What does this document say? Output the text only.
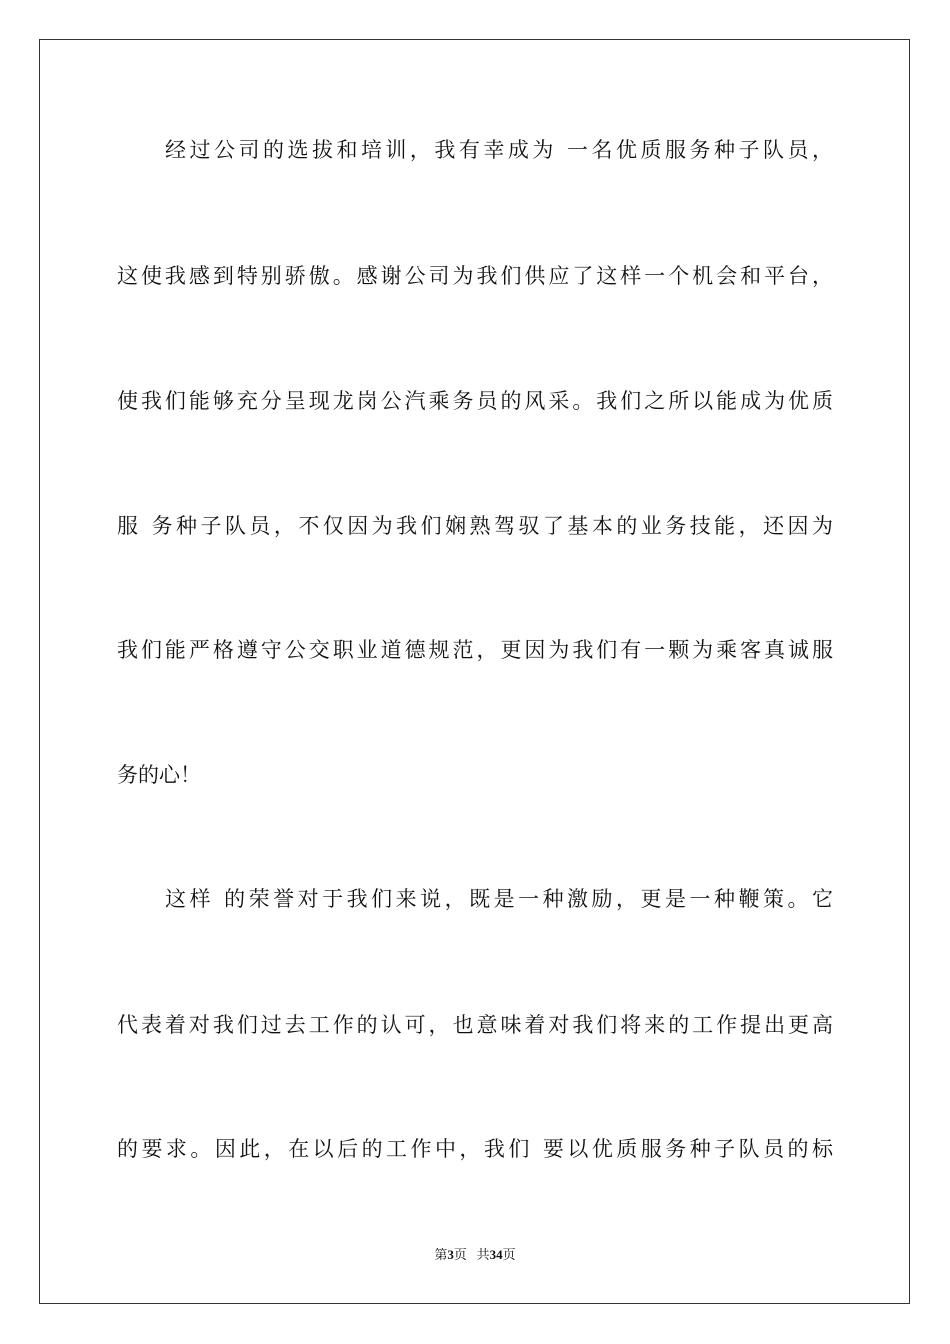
经过公司的选拔和培训，我有幸成为 一名优质服务种子队员，
这使我感到特别骄傲。感谢公司为我们供应了这样一个机会和平台，
使我们能够充分呈现龙岗公汽乘务员的风采。我们之所以能成为优质
服 务种子队员，不仅因为我们娴熟驾驭了基本的业务技能，还因为
我们能严格遵守公交职业道德规范，更因为我们有一颗为乘客真诚服
务的心！
这样 的荣誉对于我们来说，既是一种激励，更是一种鞭策。它
代表着对我们过去工作的认可，也意味着对我们将来的工作提出更高
的要求。因此，在以后的工作中，我们 要以优质服务种子队员的标
第3页 共34页
